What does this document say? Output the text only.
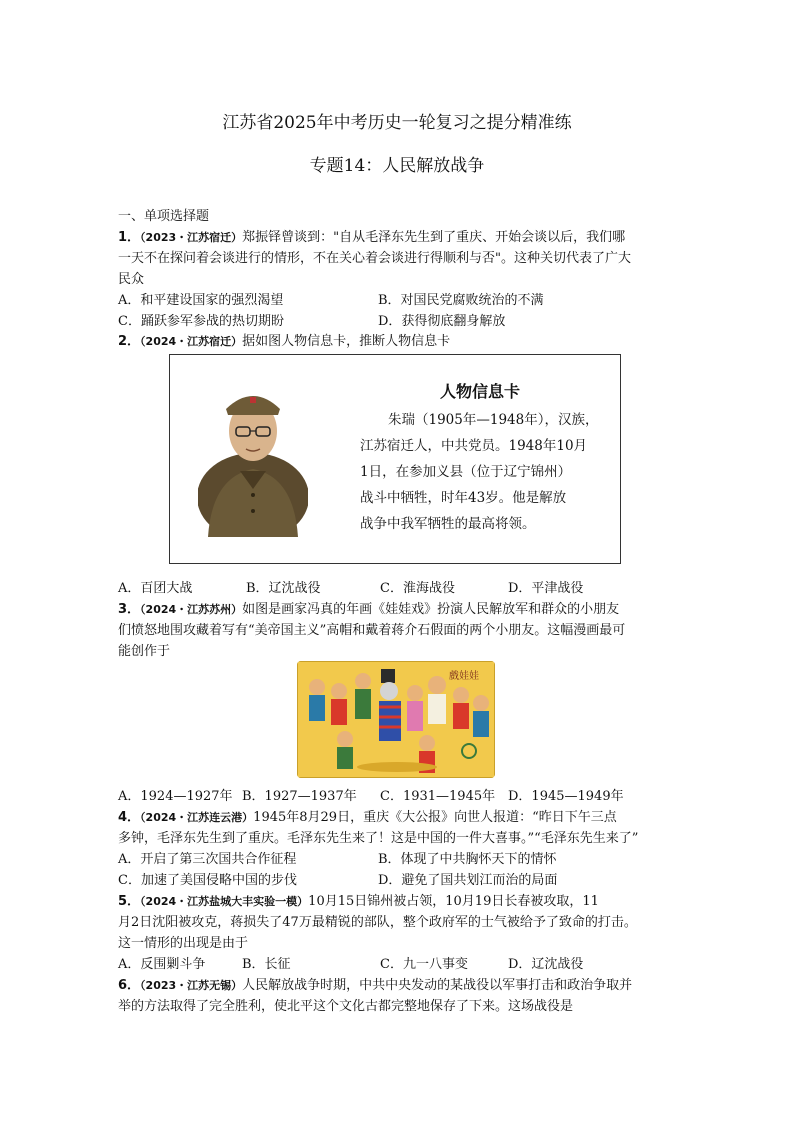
江苏省2025年中考历史一轮复习之提分精准练
专题14：人民解放战争
一、单项选择题
1．（2023・江苏宿迁）郑振铎曾谈到："自从毛泽东先生到了重庆、开始会谈以后，我们哪
一天不在探问着会谈进行的情形，不在关心着会谈进行得顺利与否"。这种关切代表了广大
民众
A．和平建设国家的强烈渴望	B．对国民党腐败统治的不满
C．踊跃参军参战的热切期盼	D．获得彻底翻身解放
2．（2024・江苏宿迁）据如图人物信息卡，推断人物信息卡
人物信息卡
朱瑞（1905年—1948年），汉族，
江苏宿迁人，中共党员。1948年10月
1日，在参加义县（位于辽宁锦州）
战斗中牺牲，时年43岁。他是解放
战争中我军牺牲的最高将领。
A．百团大战	B．辽沈战役	C．淮海战役	D．平津战役
3．（2024・江苏苏州）如图是画家冯真的年画《娃娃戏》扮演人民解放军和群众的小朋友
们愤怒地围攻藏着写有“美帝国主义”高帽和戴着蒋介石假面的两个小朋友。这幅漫画最可
能创作于
戲娃娃
A．1924—1927年 B．1927—1937年 C．1931—1945年 D．1945—1949年
4．（2024・江苏连云港）1945年8月29日，重庆《大公报》向世人报道：“昨日下午三点
多钟，毛泽东先生到了重庆。毛泽东先生来了！这是中国的一件大喜事。”“毛泽东先生来了”
A．开启了第三次国共合作征程	B．体现了中共胸怀天下的情怀
C．加速了美国侵略中国的步伐	D．避免了国共划江而治的局面
5．（2024・江苏盐城大丰实验一模）10月15日锦州被占领，10月19日长春被攻取，11
月2日沈阳被攻克，蒋损失了47万最精锐的部队，整个政府军的士气被给予了致命的打击。
这一情形的出现是由于
A．反围剿斗争	B．长征	C．九一八事变	D．辽沈战役
6．（2023・江苏无锡）人民解放战争时期，中共中央发动的某战役以军事打击和政治争取并
举的方法取得了完全胜利，使北平这个文化古都完整地保存了下来。这场战役是
